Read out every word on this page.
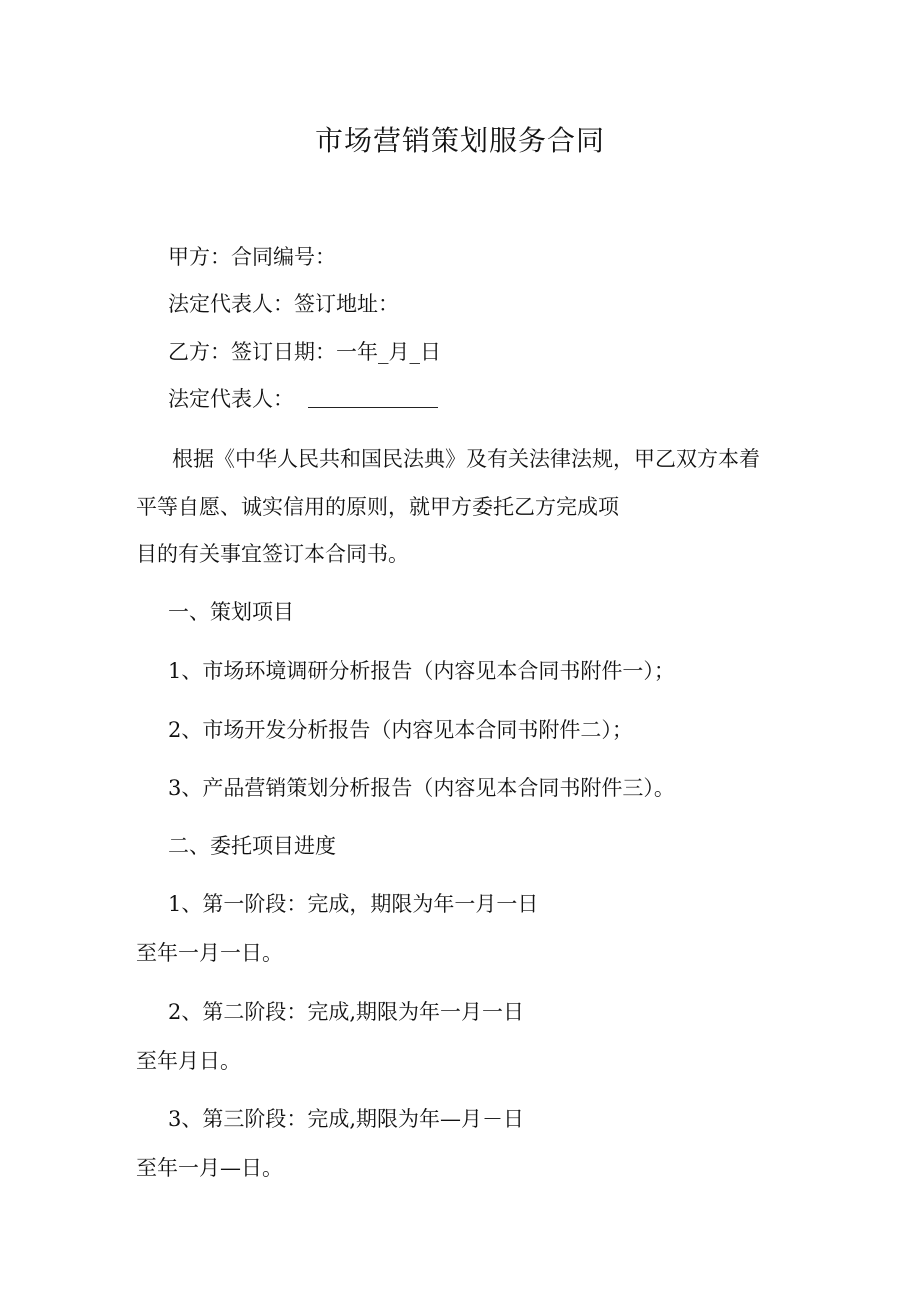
市场营销策划服务合同
甲方：合同编号：
法定代表人：签订地址：
乙方：签订日期：一年_月_日
法定代表人：
根据《中华人民共和国民法典》及有关法律法规，甲乙双方本着
平等自愿、诚实信用的原则，就甲方委托乙方完成项
目的有关事宜签订本合同书。
一、策划项目
1、市场环境调研分析报告（内容见本合同书附件一）；
2、市场开发分析报告（内容见本合同书附件二）；
3、产品营销策划分析报告（内容见本合同书附件三）。
二、委托项目进度
1、第一阶段：完成，期限为年一月一日
至年一月一日。
2、第二阶段：完成,期限为年一月一日
至年月日。
3、第三阶段：完成,期限为年—月－日
至年一月—日。
